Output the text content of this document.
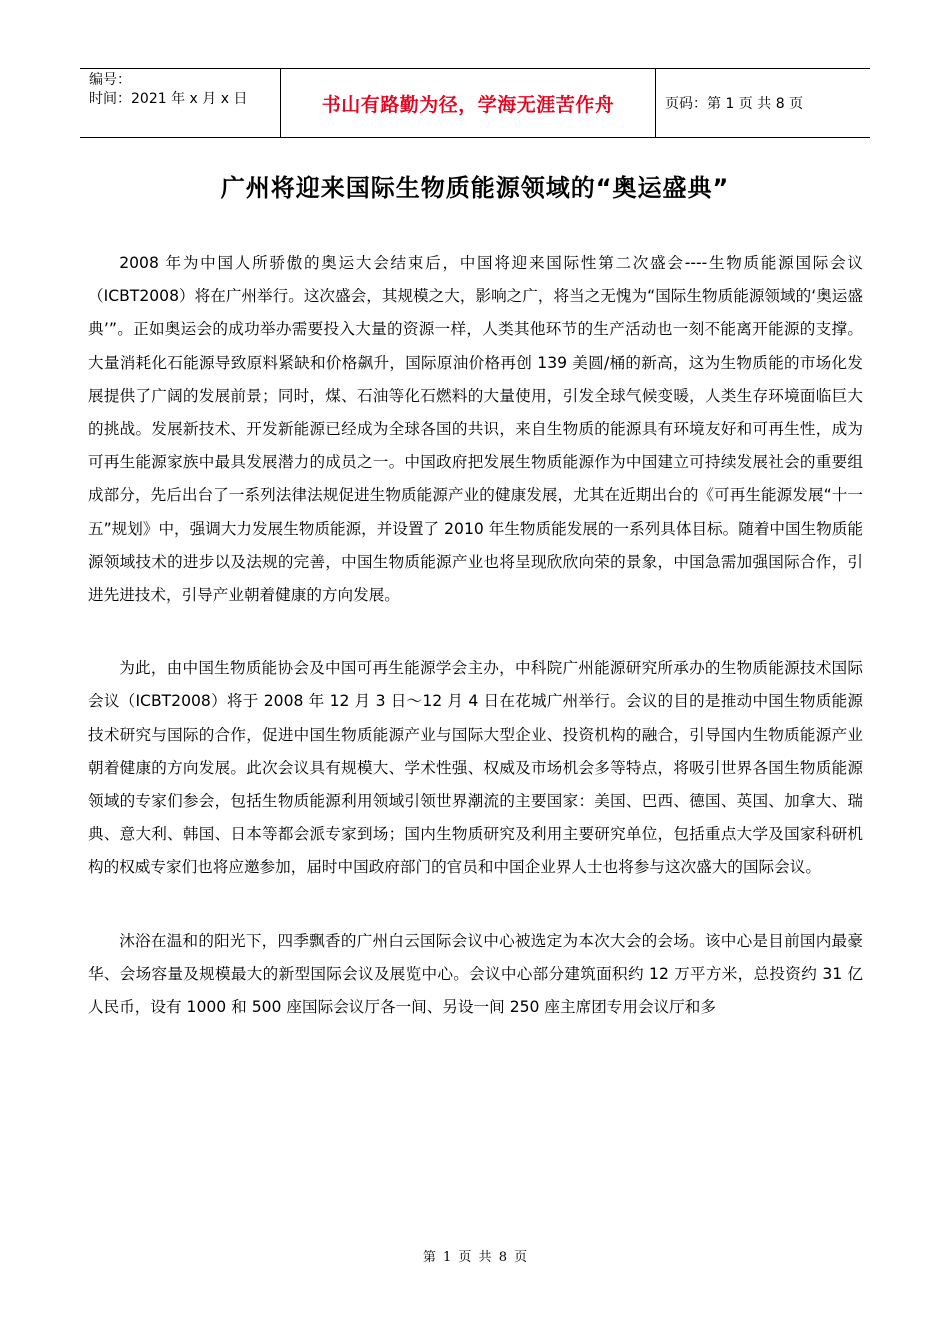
编号：
时间：2021 年 x 月 x 日	书山有路勤为径，学海无涯苦作舟	页码：第 1 页 共 8 页
广州将迎来国际生物质能源领域的“奥运盛典”

2008 年为中国人所骄傲的奥运大会结束后，中国将迎来国际性第二次盛会----生物质能源国际会议（ICBT2008）将在广州举行。这次盛会，其规模之大，影响之广，将当之无愧为“国际生物质能源领域的‘奥运盛典’”。正如奥运会的成功举办需要投入大量的资源一样，人类其他环节的生产活动也一刻不能离开能源的支撑。大量消耗化石能源导致原料紧缺和价格飙升，国际原油价格再创 139 美圆/桶的新高，这为生物质能的市场化发展提供了广阔的发展前景；同时，煤、石油等化石燃料的大量使用，引发全球气候变暖，人类生存环境面临巨大的挑战。发展新技术、开发新能源已经成为全球各国的共识，来自生物质的能源具有环境友好和可再生性，成为可再生能源家族中最具发展潜力的成员之一。中国政府把发展生物质能源作为中国建立可持续发展社会的重要组成部分，先后出台了一系列法律法规促进生物质能源产业的健康发展，尤其在近期出台的《可再生能源发展“十一五”规划》中，强调大力发展生物质能源，并设置了 2010 年生物质能发展的一系列具体目标。随着中国生物质能源领域技术的进步以及法规的完善，中国生物质能源产业也将呈现欣欣向荣的景象，中国急需加强国际合作，引进先进技术，引导产业朝着健康的方向发展。

为此，由中国生物质能协会及中国可再生能源学会主办，中科院广州能源研究所承办的生物质能源技术国际会议（ICBT2008）将于 2008 年 12 月 3 日～12 月 4 日在花城广州举行。会议的目的是推动中国生物质能源技术研究与国际的合作，促进中国生物质能源产业与国际大型企业、投资机构的融合，引导国内生物质能源产业朝着健康的方向发展。此次会议具有规模大、学术性强、权威及市场机会多等特点，将吸引世界各国生物质能源领域的专家们参会，包括生物质能源利用领域引领世界潮流的主要国家：美国、巴西、德国、英国、加拿大、瑞典、意大利、韩国、日本等都会派专家到场；国内生物质研究及利用主要研究单位，包括重点大学及国家科研机构的权威专家们也将应邀参加，届时中国政府部门的官员和中国企业界人士也将参与这次盛大的国际会议。

沐浴在温和的阳光下，四季飘香的广州白云国际会议中心被选定为本次大会的会场。该中心是目前国内最豪华、会场容量及规模最大的新型国际会议及展览中心。会议中心部分建筑面积约 12 万平方米，总投资约 31 亿人民币，设有 1000 和 500 座国际会议厅各一间、另设一间 250 座主席团专用会议厅和多

第 1 页 共 8 页
